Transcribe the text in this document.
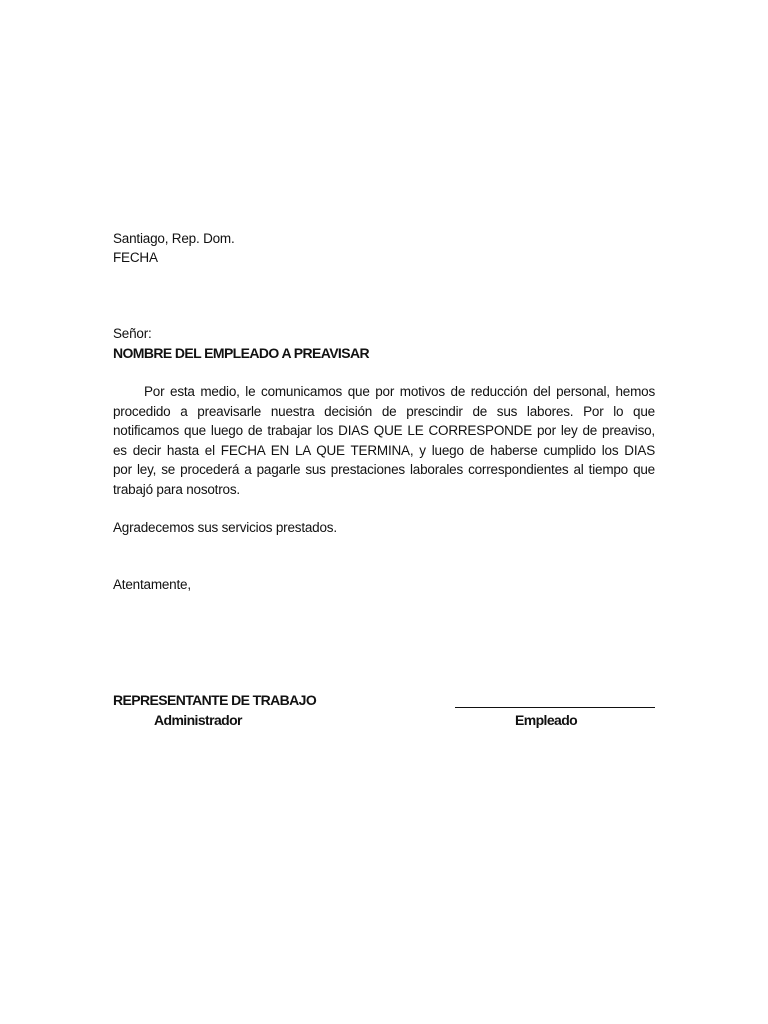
Santiago, Rep. Dom.
FECHA
Señor:
NOMBRE DEL EMPLEADO A PREAVISAR
Por esta medio, le comunicamos que por motivos de reducción del personal, hemos
procedido a preavisarle nuestra decisión de prescindir de sus labores. Por lo que
notificamos que luego de trabajar los DIAS QUE LE CORRESPONDE por ley de preaviso,
es decir hasta el FECHA EN LA QUE TERMINA, y luego de haberse cumplido los DIAS
por ley, se procederá a pagarle sus prestaciones laborales correspondientes al tiempo que
trabajó para nosotros.
Agradecemos sus servicios prestados.
Atentamente,
REPRESENTANTE DE TRABAJO
Administrador	Empleado
